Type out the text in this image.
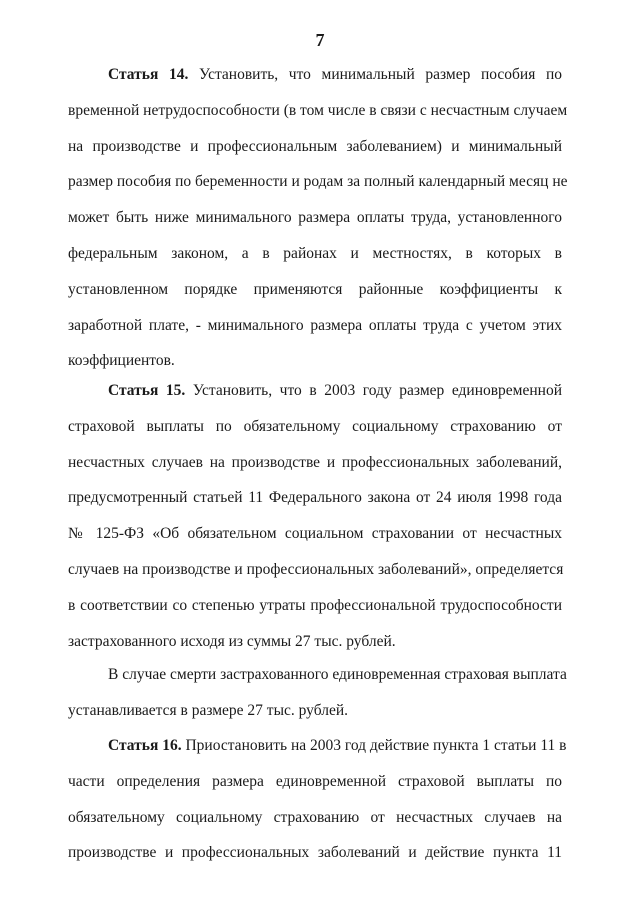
7
Статья 14. Установить, что минимальный размер пособия по
временной нетрудоспособности (в том числе в связи с несчастным случаем
на производстве и профессиональным заболеванием) и минимальный
размер пособия по беременности и родам за полный календарный месяц не
может быть ниже минимального размера оплаты труда, установленного
федеральным законом, а в районах и местностях, в которых в
установленном порядке применяются районные коэффициенты к
заработной плате, - минимального размера оплаты труда с учетом этих
коэффициентов.
Статья 15. Установить, что в 2003 году размер единовременной
страховой выплаты по обязательному социальному страхованию от
несчастных случаев на производстве и профессиональных заболеваний,
предусмотренный статьей 11 Федерального закона от 24 июля 1998 года
№ 125-ФЗ «Об обязательном социальном страховании от несчастных
случаев на производстве и профессиональных заболеваний», определяется
в соответствии со степенью утраты профессиональной трудоспособности
застрахованного исходя из суммы 27 тыс. рублей.
В случае смерти застрахованного единовременная страховая выплата
устанавливается в размере 27 тыс. рублей.
Статья 16. Приостановить на 2003 год действие пункта 1 статьи 11 в
части определения размера единовременной страховой выплаты по
обязательному социальному страхованию от несчастных случаев на
производстве и профессиональных заболеваний и действие пункта 11
